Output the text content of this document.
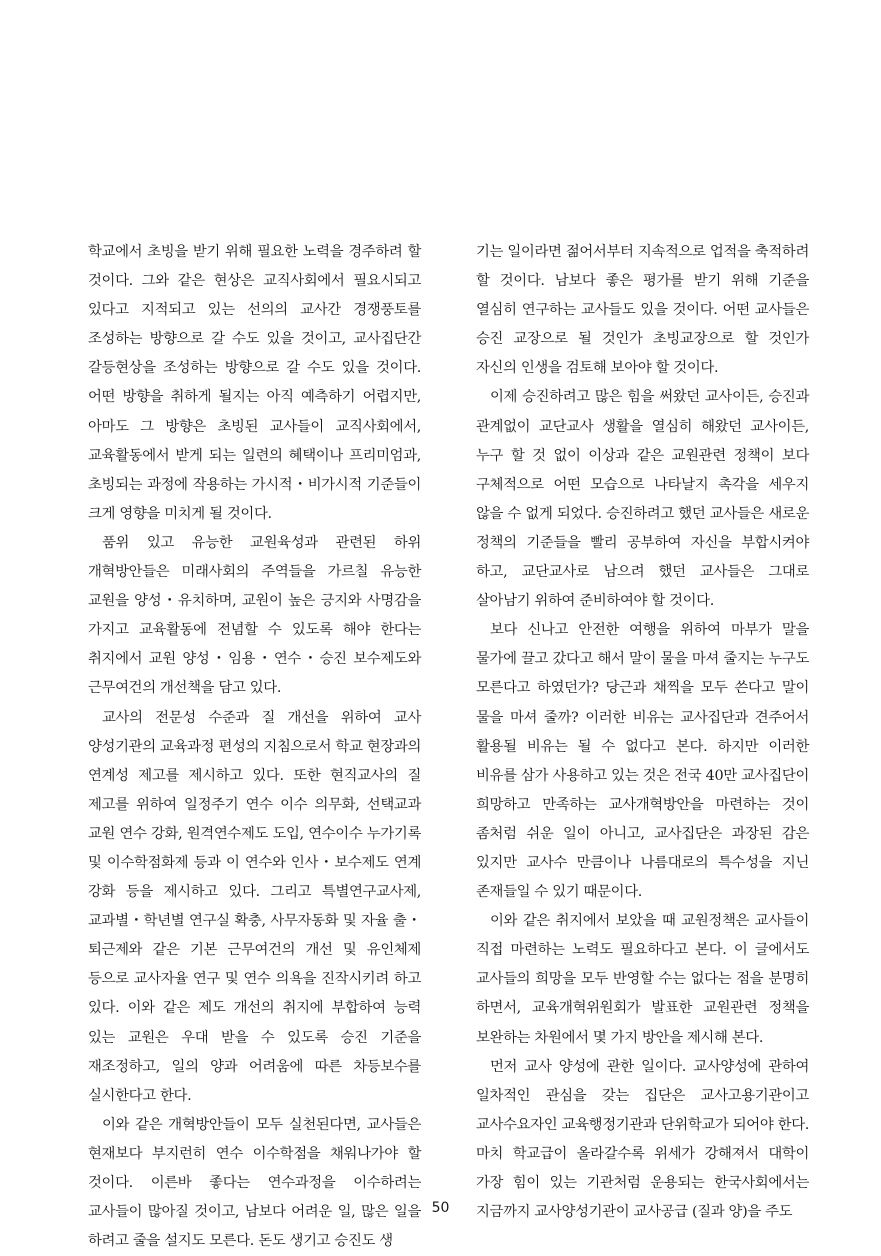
학교에서 초빙을 받기 위해 필요한 노력을 경주하려 할 것이다. 그와 같은 현상은 교직사회에서 필요시되고 있다고 지적되고 있는 선의의 교사간 경쟁풍토를 조성하는 방향으로 갈 수도 있을 것이고, 교사집단간 갈등현상을 조성하는 방향으로 갈 수도 있을 것이다. 어떤 방향을 취하게 될지는 아직 예측하기 어렵지만, 아마도 그 방향은 초빙된 교사들이 교직사회에서, 교육활동에서 받게 되는 일련의 혜택이나 프리미엄과, 초빙되는 과정에 작용하는 가시적・비가시적 기준들이 크게 영향을 미치게 될 것이다.

품위 있고 유능한 교원육성과 관련된 하위 개혁방안들은 미래사회의 주역들을 가르칠 유능한 교원을 양성・유치하며, 교원이 높은 긍지와 사명감을 가지고 교육활동에 전념할 수 있도록 해야 한다는 취지에서 교원 양성・임용・연수・승진 보수제도와 근무여건의 개선책을 담고 있다.

교사의 전문성 수준과 질 개선을 위하여 교사 양성기관의 교육과정 편성의 지침으로서 학교 현장과의 연계성 제고를 제시하고 있다. 또한 현직교사의 질 제고를 위하여 일정주기 연수 이수 의무화, 선택교과 교원 연수 강화, 원격연수제도 도입, 연수이수 누가기록 및 이수학점화제 등과 이 연수와 인사・보수제도 연계 강화 등을 제시하고 있다. 그리고 특별연구교사제, 교과별・학년별 연구실 확충, 사무자동화 및 자율 출・퇴근제와 같은 기본 근무여건의 개선 및 유인체제 등으로 교사자율 연구 및 연수 의욕을 진작시키려 하고 있다. 이와 같은 제도 개선의 취지에 부합하여 능력 있는 교원은 우대 받을 수 있도록 승진 기준을 재조정하고, 일의 양과 어려움에 따른 차등보수를 실시한다고 한다.

이와 같은 개혁방안들이 모두 실천된다면, 교사들은 현재보다 부지런히 연수 이수학점을 채워나가야 할 것이다. 이른바 좋다는 연수과정을 이수하려는 교사들이 많아질 것이고, 남보다 어려운 일, 많은 일을 하려고 줄을 설지도 모른다. 돈도 생기고 승진도 생

기는 일이라면 젊어서부터 지속적으로 업적을 축적하려 할 것이다. 남보다 좋은 평가를 받기 위해 기준을 열심히 연구하는 교사들도 있을 것이다. 어떤 교사들은 승진 교장으로 될 것인가 초빙교장으로 할 것인가 자신의 인생을 검토해 보아야 할 것이다.

이제 승진하려고 많은 힘을 써왔던 교사이든, 승진과 관계없이 교단교사 생활을 열심히 해왔던 교사이든, 누구 할 것 없이 이상과 같은 교원관련 정책이 보다 구체적으로 어떤 모습으로 나타날지 촉각을 세우지 않을 수 없게 되었다. 승진하려고 했던 교사들은 새로운 정책의 기준들을 빨리 공부하여 자신을 부합시켜야 하고, 교단교사로 남으려 했던 교사들은 그대로 살아남기 위하여 준비하여야 할 것이다.

보다 신나고 안전한 여행을 위하여 마부가 말을 물가에 끌고 갔다고 해서 말이 물을 마셔 줄지는 누구도 모른다고 하였던가? 당근과 채찍을 모두 쓴다고 말이 물을 마셔 줄까? 이러한 비유는 교사집단과 견주어서 활용될 비유는 될 수 없다고 본다. 하지만 이러한 비유를 삼가 사용하고 있는 것은 전국 40만 교사집단이 희망하고 만족하는 교사개혁방안을 마련하는 것이 좀처럼 쉬운 일이 아니고, 교사집단은 과장된 감은 있지만 교사수 만큼이나 나름대로의 특수성을 지닌 존재들일 수 있기 때문이다.

이와 같은 취지에서 보았을 때 교원정책은 교사들이 직접 마련하는 노력도 필요하다고 본다. 이 글에서도 교사들의 희망을 모두 반영할 수는 없다는 점을 분명히 하면서, 교육개혁위원회가 발표한 교원관련 정책을 보완하는 차원에서 몇 가지 방안을 제시해 본다.

먼저 교사 양성에 관한 일이다. 교사양성에 관하여 일차적인 관심을 갖는 집단은 교사고용기관이고 교사수요자인 교육행정기관과 단위학교가 되어야 한다. 마치 학교급이 올라갈수록 위세가 강해져서 대학이 가장 힘이 있는 기관처럼 운용되는 한국사회에서는 지금까지 교사양성기관이 교사공급 (질과 양)을 주도

50
